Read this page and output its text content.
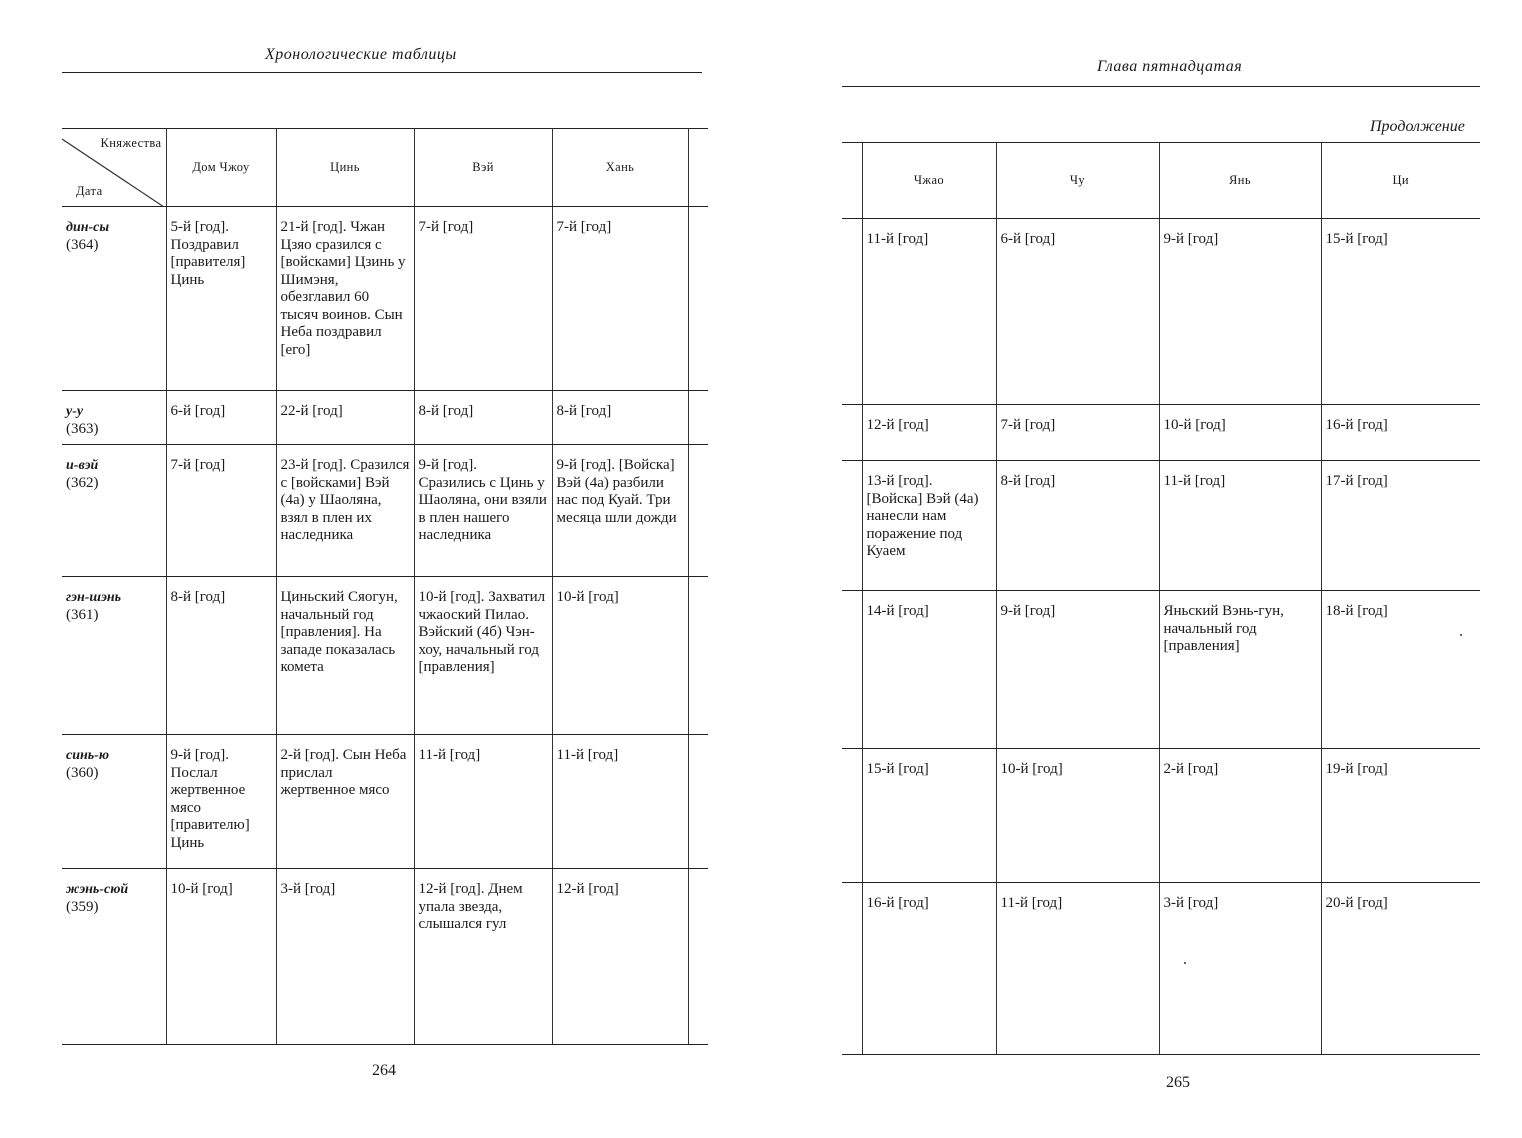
Хронологические таблицы
Княжества
Дата	Дом Чжоу	Цинь	Вэй	Хань	
дин-сы
(364)	5-й [год]. Поздравил [правителя] Цинь	21-й [год]. Чжан Цзяо сразился с [войсками] Цзинь у Шимэня, обезглавил 60 тысяч воинов. Сын Неба поздравил [его]	7-й [год]	7-й [год]	
у-у
(363)	6-й [год]	22-й [год]	8-й [год]	8-й [год]	
и-вэй
(362)	7-й [год]	23-й [год]. Сразился с [войсками] Вэй (4а) у Шаоляна, взял в плен их наследника	9-й [год]. Сразились с Цинь у Шаоляна, они взяли в плен нашего наследника	9-й [год]. [Войска] Вэй (4а) разбили нас под Куай. Три месяца шли дожди	
гэн-шэнь
(361)	8-й [год]	Циньский Сяогун, начальный год [правления]. На западе показалась комета	10-й [год]. Захватил чжаоский Пилао. Вэйский (4б) Чэн-хоу, начальный год [правления]	10-й [год]	
синь-ю
(360)	9-й [год]. Послал жертвенное мясо [правителю] Цинь	2-й [год]. Сын Неба прислал жертвенное мясо	11-й [год]	11-й [год]	
жэнь-сюй
(359)	10-й [год]	3-й [год]	12-й [год]. Днем упала звезда, слышался гул	12-й [год]	
264
Глава пятнадцатая
Продолжение
	Чжао	Чу	Янь	Ци
	11-й [год]	6-й [год]	9-й [год]	15-й [год]
	12-й [год]	7-й [год]	10-й [год]	16-й [год]
	13-й [год]. [Войска] Вэй (4а) нанесли нам поражение под Куаем	8-й [год]	11-й [год]	17-й [год]
	14-й [год]	9-й [год]	Яньский Вэнь-гун, начальный год [правления]	18-й [год]
	15-й [год]	10-й [год]	2-й [год]	19-й [год]
	16-й [год]	11-й [год]	3-й [год]	20-й [год]
265
